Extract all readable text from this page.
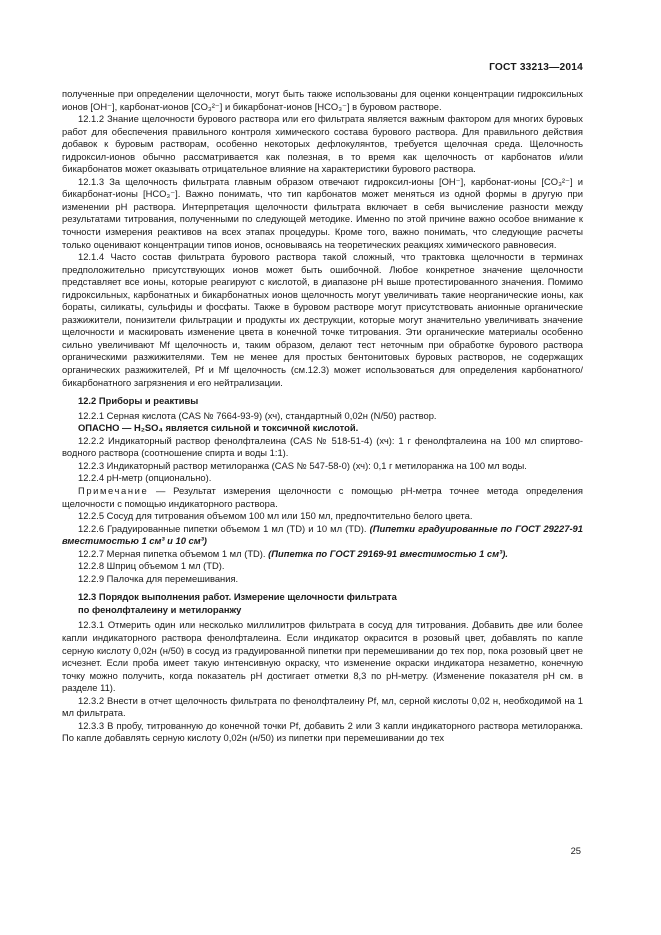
ГОСТ 33213—2014

полученные при определении щелочности, могут быть также использованы для оценки концентрации гидроксильных ионов [OH⁻], карбонат-ионов [CO₃²⁻] и бикарбонат-ионов [HCO₃⁻] в буровом растворе.

12.1.2 Знание щелочности бурового раствора или его фильтрата является важным фактором для многих буровых работ для обеспечения правильного контроля химического состава бурового раствора. Для правильного действия добавок к буровым растворам, особенно некоторых дефлокулянтов, требуется щелочная среда. Щелочность гидроксил-ионов обычно рассматривается как полезная, в то время как щелочность от карбонатов и/или бикарбонатов может оказывать отрицательное влияние на характеристики бурового раствора.

12.1.3 За щелочность фильтрата главным образом отвечают гидроксил-ионы [OH⁻], карбонат-ионы [CO₃²⁻] и бикарбонат-ионы [HCO₃⁻]. Важно понимать, что тип карбонатов может меняться из одной формы в другую при изменении pH раствора. Интерпретация щелочности фильтрата включает в себя вычисление разности между результатами титрования, полученными по следующей методике. Именно по этой причине важно особое внимание к точности измерения реактивов на всех этапах процедуры. Кроме того, важно понимать, что следующие расчеты только оценивают концентрации типов ионов, основываясь на теоретических реакциях химического равновесия.

12.1.4 Часто состав фильтрата бурового раствора такой сложный, что трактовка щелочности в терминах предположительно присутствующих ионов может быть ошибочной. Любое конкретное значение щелочности представляет все ионы, которые реагируют с кислотой, в диапазоне pH выше протестированного значения. Помимо гидроксильных, карбонатных и бикарбонатных ионов щелочность могут увеличивать такие неорганические ионы, как бораты, силикаты, сульфиды и фосфаты. Также в буровом растворе могут присутствовать анионные органические разжижители, понизители фильтрации и продукты их деструкции, которые могут значительно увеличивать значение щелочности и маскировать изменение цвета в конечной точке титрования. Эти органические материалы особенно сильно увеличивают Mf щелочность и, таким образом, делают тест неточным при обработке бурового раствора органическими разжижителями. Тем не менее для простых бентонитовых буровых растворов, не содержащих органических разжижителей, Pf и Mf щелочность (см.12.3) может использоваться для определения карбонатного/бикарбонатного загрязнения и его нейтрализации.

12.2 Приборы и реактивы

12.2.1 Серная кислота (CAS № 7664-93-9) (хч), стандартный 0,02н (N/50) раствор.

ОПАСНО — H₂SO₄ является сильной и токсичной кислотой.

12.2.2 Индикаторный раствор фенолфталеина (CAS № 518-51-4) (хч): 1 г фенолфталеина на 100 мл спиртово-водного раствора (соотношение спирта и воды 1:1).

12.2.3 Индикаторный раствор метилоранжа (CAS № 547-58-0) (хч): 0,1 г метилоранжа на 100 мл воды.

12.2.4 pH-метр (опционально).

Примечание — Результат измерения щелочности с помощью pH-метра точнее метода определения щелочности с помощью индикаторного раствора.

12.2.5 Сосуд для титрования объемом 100 мл или 150 мл, предпочтительно белого цвета.

12.2.6 Градуированные пипетки объемом 1 мл (TD) и 10 мл (TD). (Пипетки градуированные по ГОСТ 29227-91 вместимостью 1 см³ и 10 см³)

12.2.7 Мерная пипетка объемом 1 мл (TD). (Пипетка по ГОСТ 29169-91 вместимостью 1 см³).

12.2.8 Шприц объемом 1 мл (TD).

12.2.9 Палочка для перемешивания.

12.3 Порядок выполнения работ. Измерение щелочности фильтрата
по фенолфталеину и метилоранжу

12.3.1 Отмерить один или несколько миллилитров фильтрата в сосуд для титрования. Добавить две или более капли индикаторного раствора фенолфталеина. Если индикатор окрасится в розовый цвет, добавлять по капле серную кислоту 0,02н (н/50) в сосуд из градуированной пипетки при перемешивании до тех пор, пока розовый цвет не исчезнет. Если проба имеет такую интенсивную окраску, что изменение окраски индикатора незаметно, конечную точку можно получить, когда показатель pH достигает отметки 8,3 по pH-метру. (Изменение показателя pH см. в разделе 11).

12.3.2 Внести в отчет щелочность фильтрата по фенолфталеину Pf, мл, серной кислоты 0,02 н, необходимой на 1 мл фильтрата.

12.3.3 В пробу, титрованную до конечной точки Pf, добавить 2 или 3 капли индикаторного раствора метилоранжа. По капле добавлять серную кислоту 0,02н (н/50) из пипетки при перемешивании до тех

25
